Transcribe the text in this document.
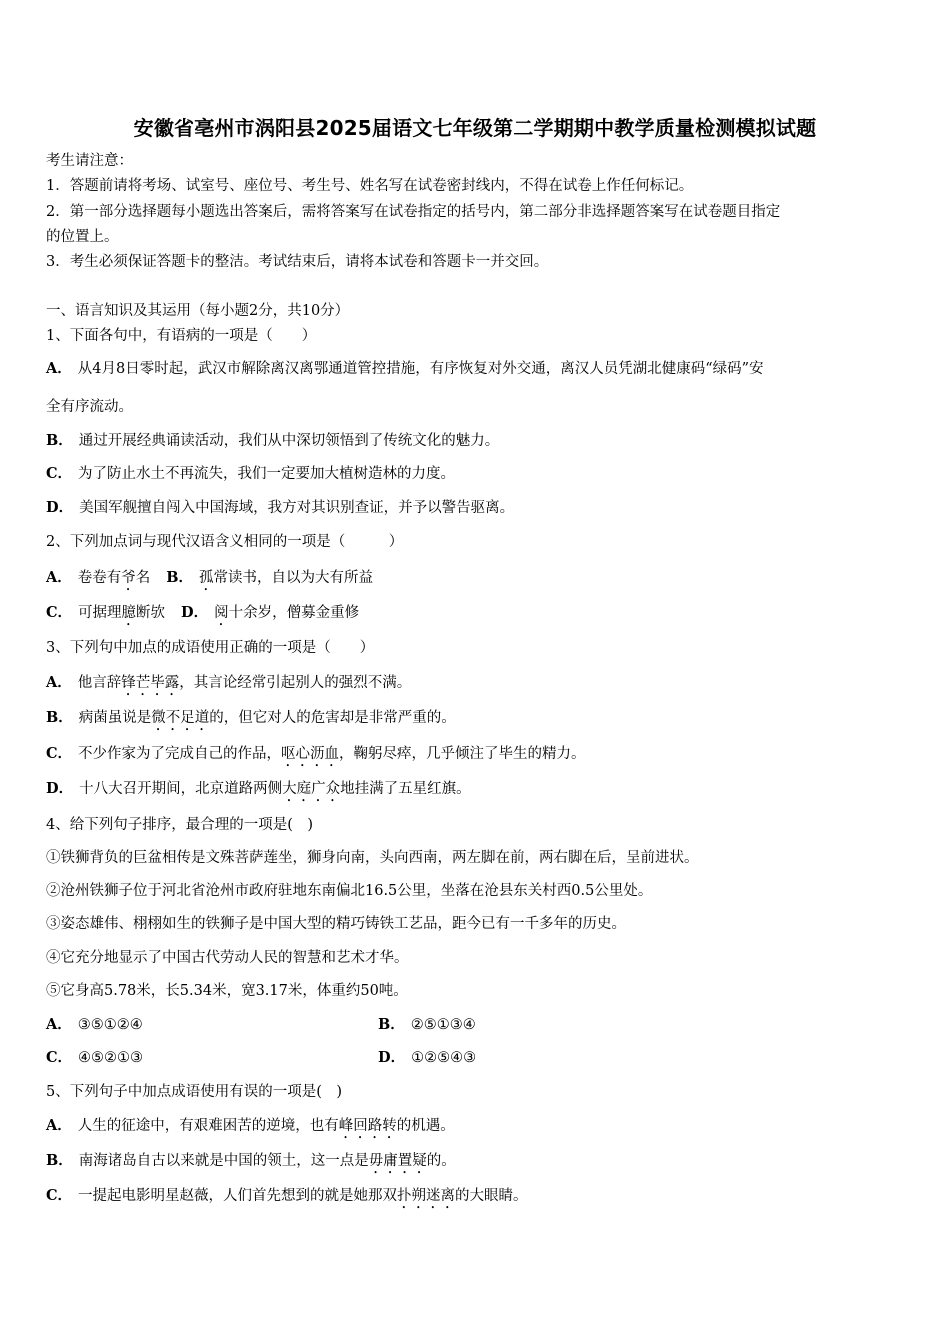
安徽省亳州市涡阳县2025届语文七年级第二学期期中教学质量检测模拟试题
考生请注意：
1．答题前请将考场、试室号、座位号、考生号、姓名写在试卷密封线内，不得在试卷上作任何标记。
2．第一部分选择题每小题选出答案后，需将答案写在试卷指定的括号内，第二部分非选择题答案写在试卷题目指定
的位置上。
3．考生必须保证答题卡的整洁。考试结束后，请将本试卷和答题卡一并交回。
一、语言知识及其运用（每小题2分，共10分）
1、下面各句中，有语病的一项是（　　）
A． 从4月8日零时起，武汉市解除离汉离鄂通道管控措施，有序恢复对外交通，离汉人员凭湖北健康码“绿码”安
全有序流动。
B． 通过开展经典诵读活动，我们从中深切领悟到了传统文化的魅力。
C． 为了防止水土不再流失，我们一定要加大植树造林的力度。
D． 美国军舰擅自闯入中国海域，我方对其识别查证，并予以警告驱离。
2、下列加点词与现代汉语含义相同的一项是（　　　）
A． 卷卷有爷名 B． 孤常读书，自以为大有所益
C． 可据理臆断欤 D． 阅十余岁，僧募金重修
3、下列句中加点的成语使用正确的一项是（　　）
A． 他言辞锋芒毕露，其言论经常引起别人的强烈不满。
B． 病菌虽说是微不足道的，但它对人的危害却是非常严重的。
C． 不少作家为了完成自己的作品，呕心沥血，鞠躬尽瘁，几乎倾注了毕生的精力。
D． 十八大召开期间，北京道路两侧大庭广众地挂满了五星红旗。
4、给下列句子排序，最合理的一项是(　)
①铁狮背负的巨盆相传是文殊菩萨莲坐，狮身向南，头向西南，两左脚在前，两右脚在后，呈前进状。
②沧州铁狮子位于河北省沧州市政府驻地东南偏北16.5公里，坐落在沧县东关村西0.5公里处。
③姿态雄伟、栩栩如生的铁狮子是中国大型的精巧铸铁工艺品，距今已有一千多年的历史。
④它充分地显示了中国古代劳动人民的智慧和艺术才华。
⑤它身高5.78米，长5.34米，宽3.17米，体重约50吨。
A． ③⑤①②④	B． ②⑤①③④
C． ④⑤②①③	D． ①②⑤④③
5、下列句子中加点成语使用有误的一项是(　)
A． 人生的征途中，有艰难困苦的逆境，也有峰回路转的机遇。
B． 南海诸岛自古以来就是中国的领土，这一点是毋庸置疑的。
C． 一提起电影明星赵薇，人们首先想到的就是她那双扑朔迷离的大眼睛。
